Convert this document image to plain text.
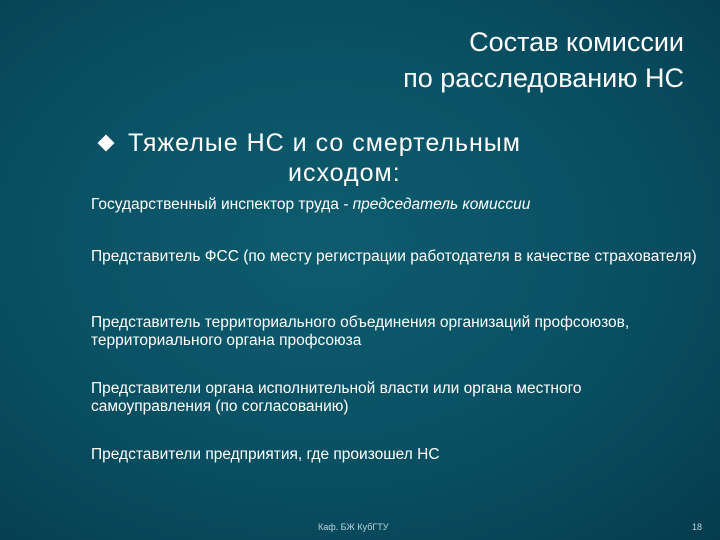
Состав комиссии
по расследованию НС
Тяжелые НС и со смертельным
исходом:
Государственный инспектор труда - председатель комиссии
Представитель ФСС (по месту регистрации работодателя в качестве страхователя)
Представитель территориального объединения организаций профсоюзов, территориального органа профсоюза
Представители органа исполнительной власти или органа местного самоуправления (по согласованию)
Представители предприятия, где произошел НС
Каф. БЖ КубГТУ	18
